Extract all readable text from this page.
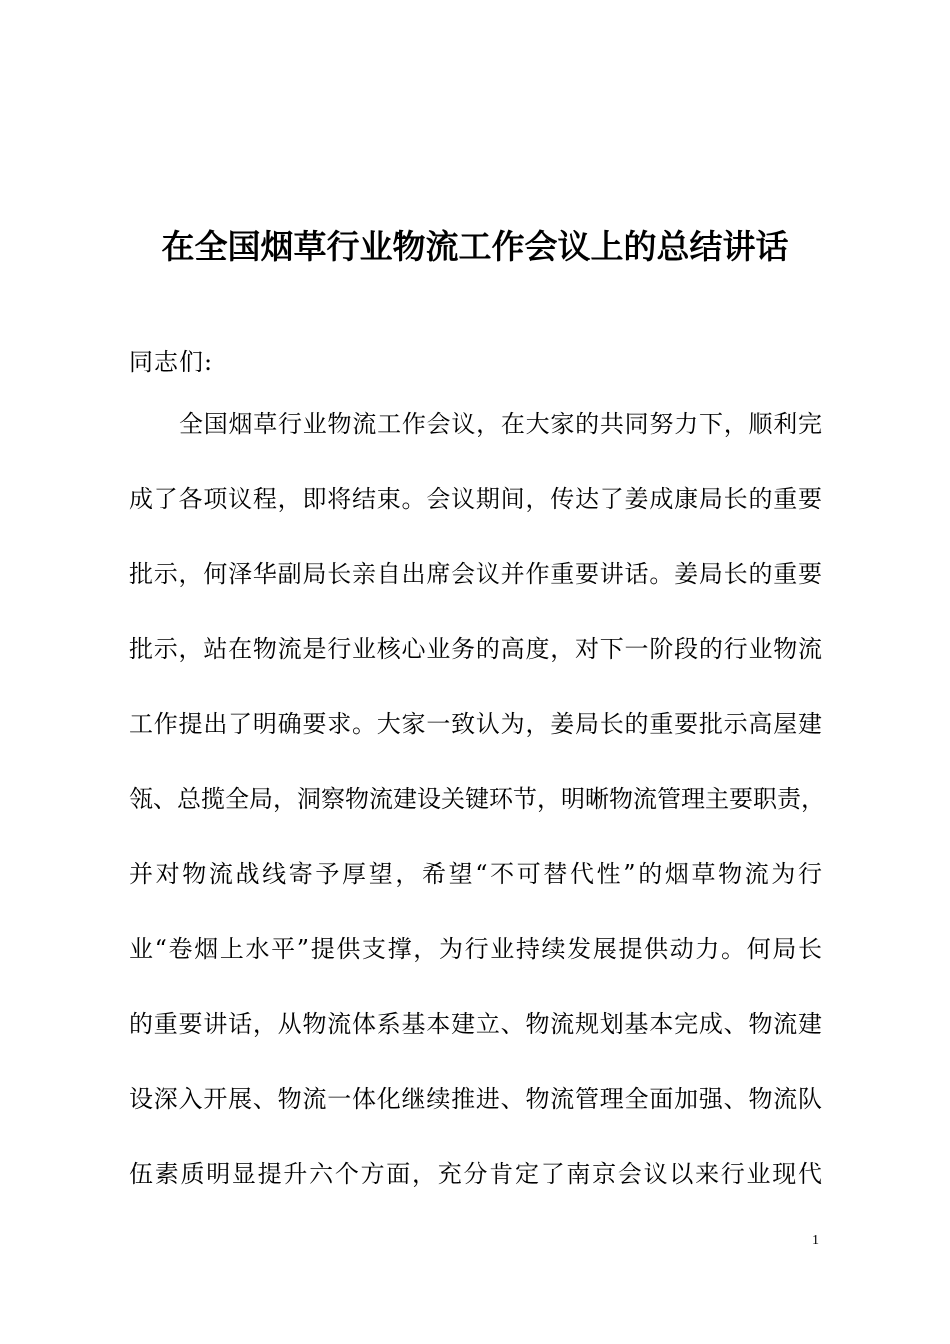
在全国烟草行业物流工作会议上的总结讲话
同志们:
全国烟草行业物流工作会议，在大家的共同努力下，顺利完
成了各项议程，即将结束。会议期间，传达了姜成康局长的重要
批示，何泽华副局长亲自出席会议并作重要讲话。姜局长的重要
批示，站在物流是行业核心业务的高度，对下一阶段的行业物流
工作提出了明确要求。大家一致认为，姜局长的重要批示高屋建
瓴、总揽全局，洞察物流建设关键环节，明晰物流管理主要职责，
并对物流战线寄予厚望，希望“不可替代性”的烟草物流为行
业“卷烟上水平”提供支撑，为行业持续发展提供动力。何局长
的重要讲话，从物流体系基本建立、物流规划基本完成、物流建
设深入开展、物流一体化继续推进、物流管理全面加强、物流队
伍素质明显提升六个方面，充分肯定了南京会议以来行业现代
1
